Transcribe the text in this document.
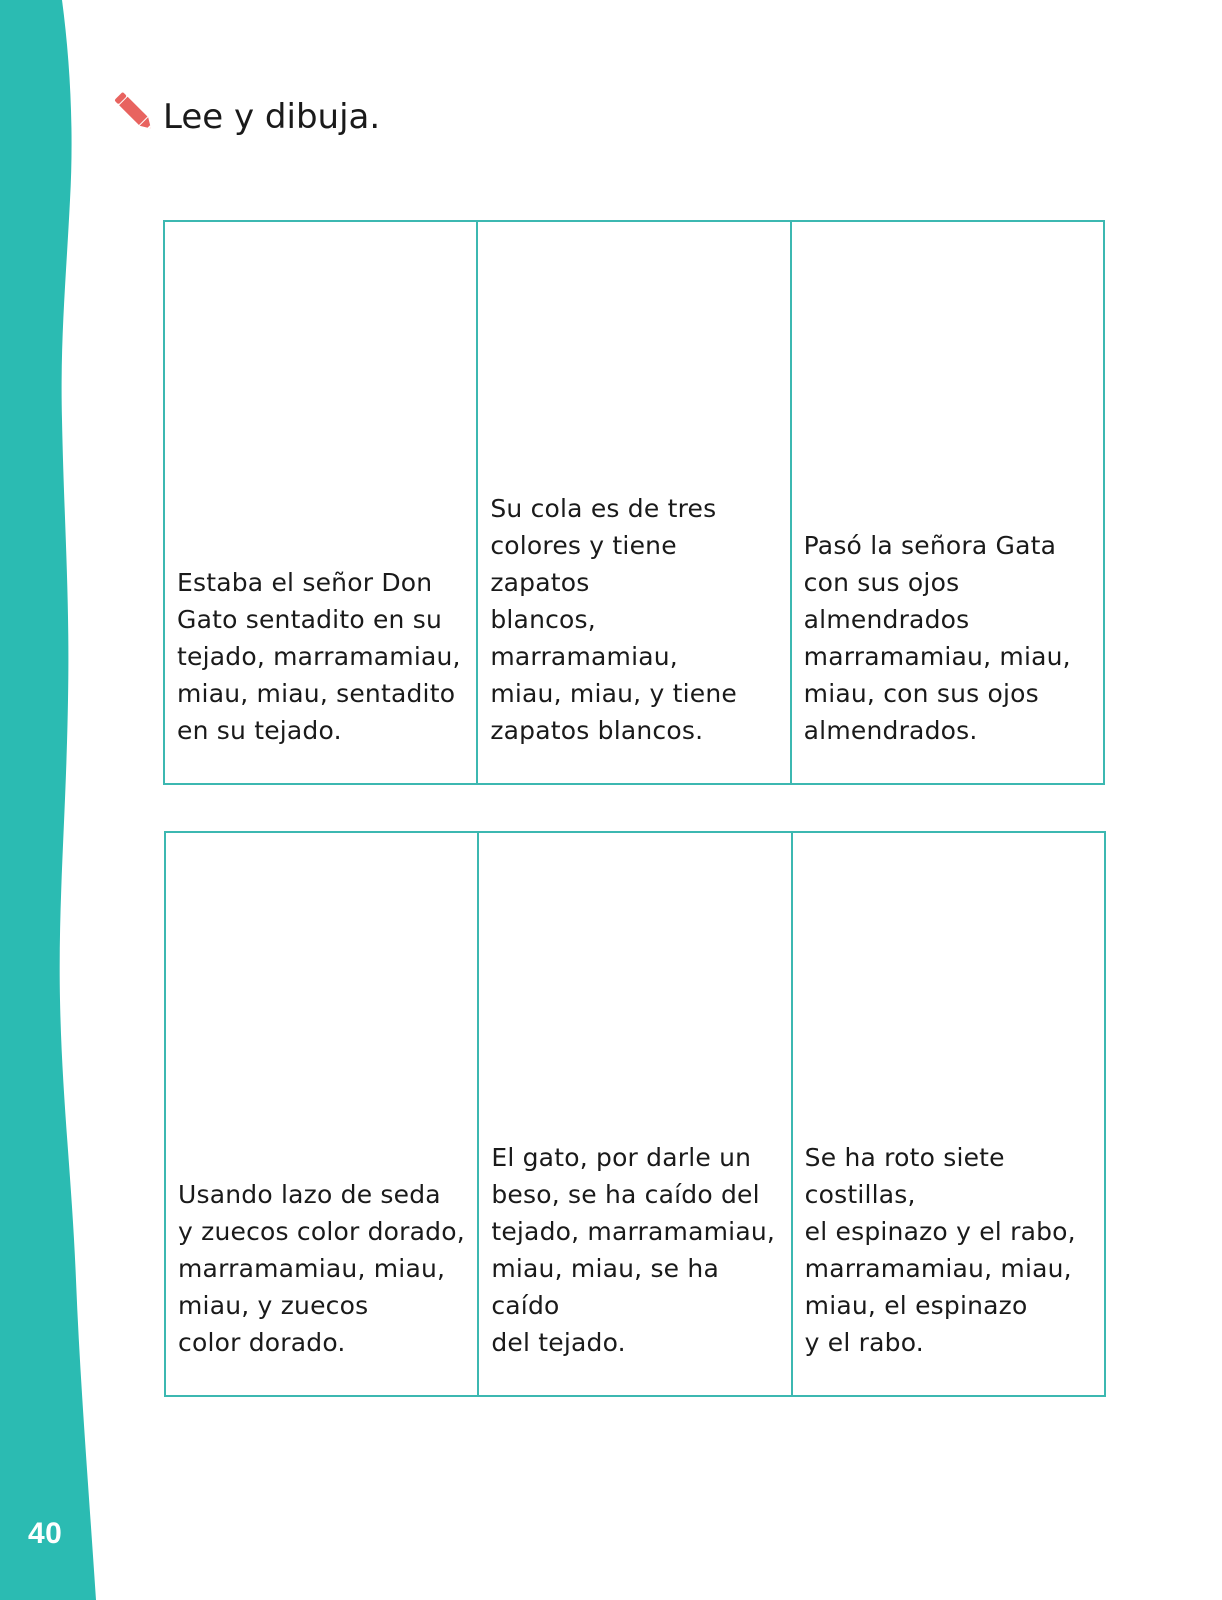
40
Lee y dibuja.
Estaba el señor Don
Gato sentadito en su
tejado, marramamiau,
miau, miau, sentadito
en su tejado.
Su cola es de tres
colores y tiene zapatos
blancos, marramamiau,
miau, miau, y tiene
zapatos blancos.
Pasó la señora Gata
con sus ojos almendrados
marramamiau, miau,
miau, con sus ojos
almendrados.
Usando lazo de seda
y zuecos color dorado,
marramamiau, miau,
miau, y zuecos
color dorado.
El gato, por darle un
beso, se ha caído del
tejado, marramamiau,
miau, miau, se ha caído
del tejado.
Se ha roto siete costillas,
el espinazo y el rabo,
marramamiau, miau,
miau, el espinazo
y el rabo.
